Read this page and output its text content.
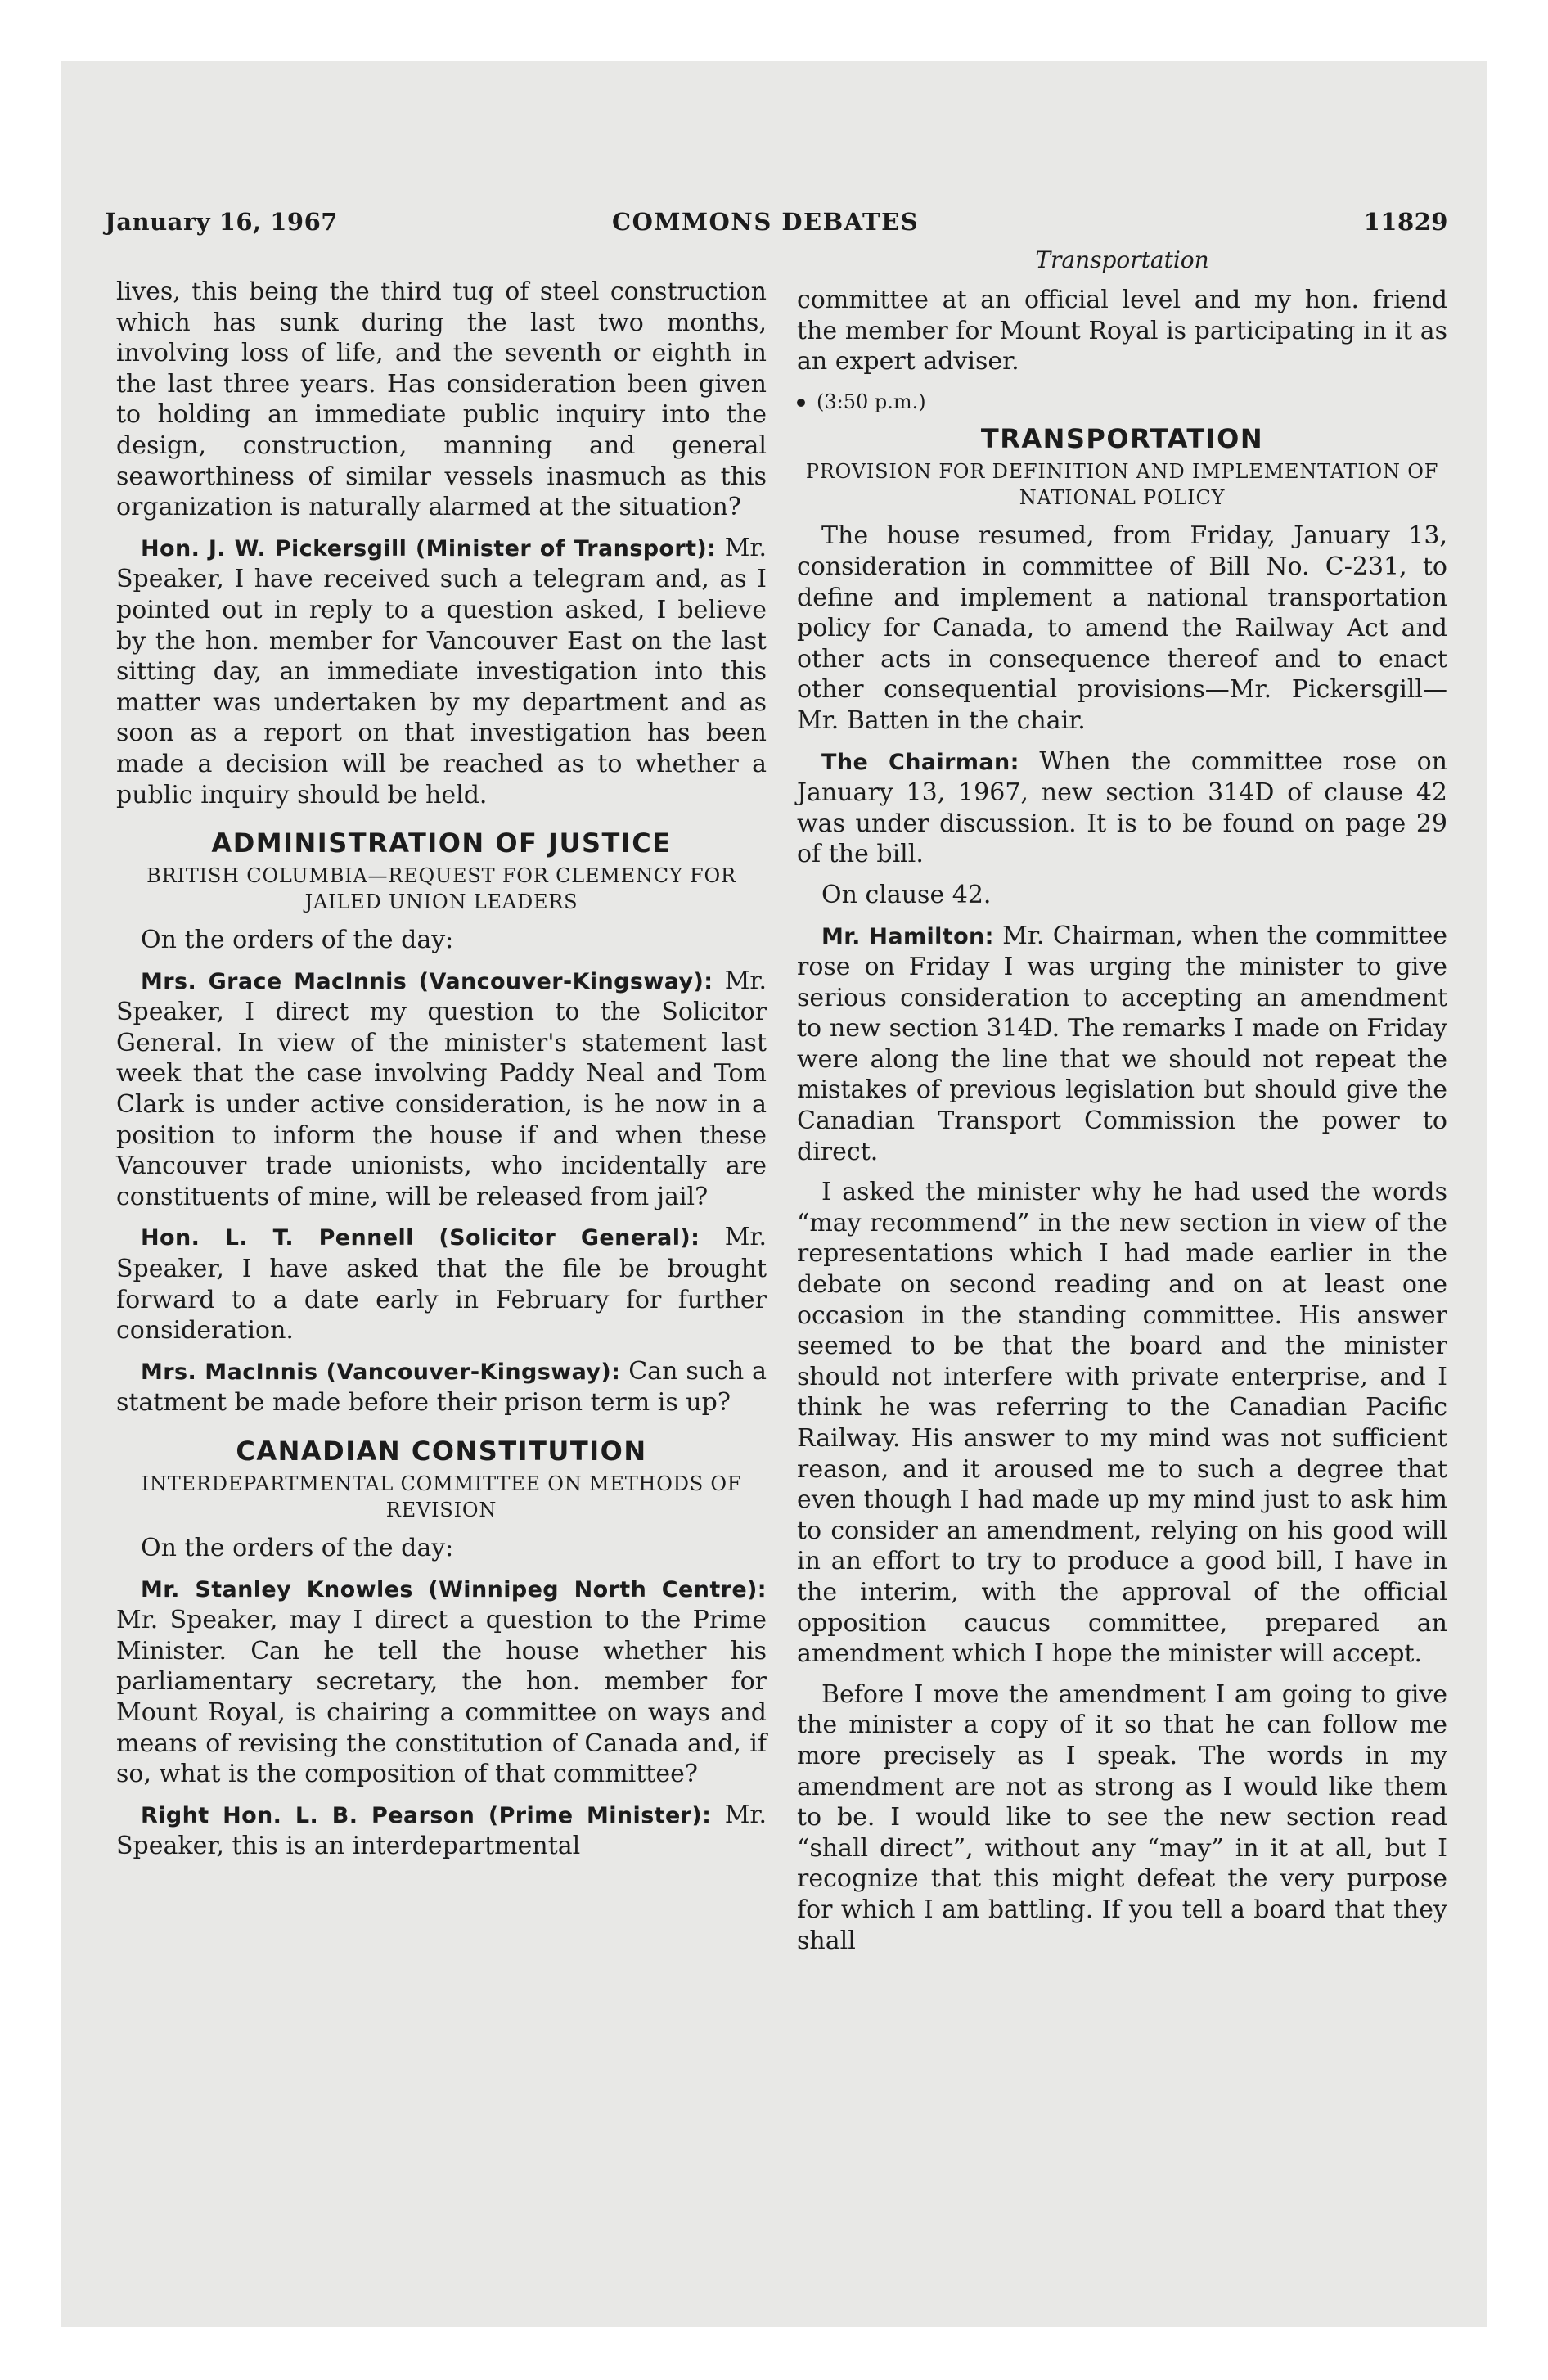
January 16, 1967	COMMONS DEBATES	11829

lives, this being the third tug of steel construction which has sunk during the last two months, involving loss of life, and the seventh or eighth in the last three years. Has consideration been given to holding an immediate public inquiry into the design, construction, manning and general seaworthiness of similar vessels inasmuch as this organization is naturally alarmed at the situation?

Hon. J. W. Pickersgill (Minister of Transport): Mr. Speaker, I have received such a telegram and, as I pointed out in reply to a question asked, I believe by the hon. member for Vancouver East on the last sitting day, an immediate investigation into this matter was undertaken by my department and as soon as a report on that investigation has been made a decision will be reached as to whether a public inquiry should be held.

ADMINISTRATION OF JUSTICE

BRITISH COLUMBIA—REQUEST FOR CLEMENCY FOR JAILED UNION LEADERS

On the orders of the day:

Mrs. Grace MacInnis (Vancouver-Kingsway): Mr. Speaker, I direct my question to the Solicitor General. In view of the minister's statement last week that the case involving Paddy Neal and Tom Clark is under active consideration, is he now in a position to inform the house if and when these Vancouver trade unionists, who incidentally are constituents of mine, will be released from jail?

Hon. L. T. Pennell (Solicitor General): Mr. Speaker, I have asked that the file be brought forward to a date early in February for further consideration.

Mrs. MacInnis (Vancouver-Kingsway): Can such a statment be made before their prison term is up?

CANADIAN CONSTITUTION

INTERDEPARTMENTAL COMMITTEE ON METHODS OF REVISION

On the orders of the day:

Mr. Stanley Knowles (Winnipeg North Centre): Mr. Speaker, may I direct a question to the Prime Minister. Can he tell the house whether his parliamentary secretary, the hon. member for Mount Royal, is chairing a committee on ways and means of revising the constitution of Canada and, if so, what is the composition of that committee?

Right Hon. L. B. Pearson (Prime Minister): Mr. Speaker, this is an interdepartmental

Transportation

committee at an official level and my hon. friend the member for Mount Royal is participating in it as an expert adviser.

(3:50 p.m.)

TRANSPORTATION

PROVISION FOR DEFINITION AND IMPLEMENTATION OF NATIONAL POLICY

The house resumed, from Friday, January 13, consideration in committee of Bill No. C-231, to define and implement a national transportation policy for Canada, to amend the Railway Act and other acts in consequence thereof and to enact other consequential provisions—Mr. Pickersgill—Mr. Batten in the chair.

The Chairman: When the committee rose on January 13, 1967, new section 314D of clause 42 was under discussion. It is to be found on page 29 of the bill.

On clause 42.

Mr. Hamilton: Mr. Chairman, when the committee rose on Friday I was urging the minister to give serious consideration to accepting an amendment to new section 314D. The remarks I made on Friday were along the line that we should not repeat the mistakes of previous legislation but should give the Canadian Transport Commission the power to direct.

I asked the minister why he had used the words “may recommend” in the new section in view of the representations which I had made earlier in the debate on second reading and on at least one occasion in the standing committee. His answer seemed to be that the board and the minister should not interfere with private enterprise, and I think he was referring to the Canadian Pacific Railway. His answer to my mind was not sufficient reason, and it aroused me to such a degree that even though I had made up my mind just to ask him to consider an amendment, relying on his good will in an effort to try to produce a good bill, I have in the interim, with the approval of the official opposition caucus committee, prepared an amendment which I hope the minister will accept.

Before I move the amendment I am going to give the minister a copy of it so that he can follow me more precisely as I speak. The words in my amendment are not as strong as I would like them to be. I would like to see the new section read “shall direct”, without any “may” in it at all, but I recognize that this might defeat the very purpose for which I am battling. If you tell a board that they shall
